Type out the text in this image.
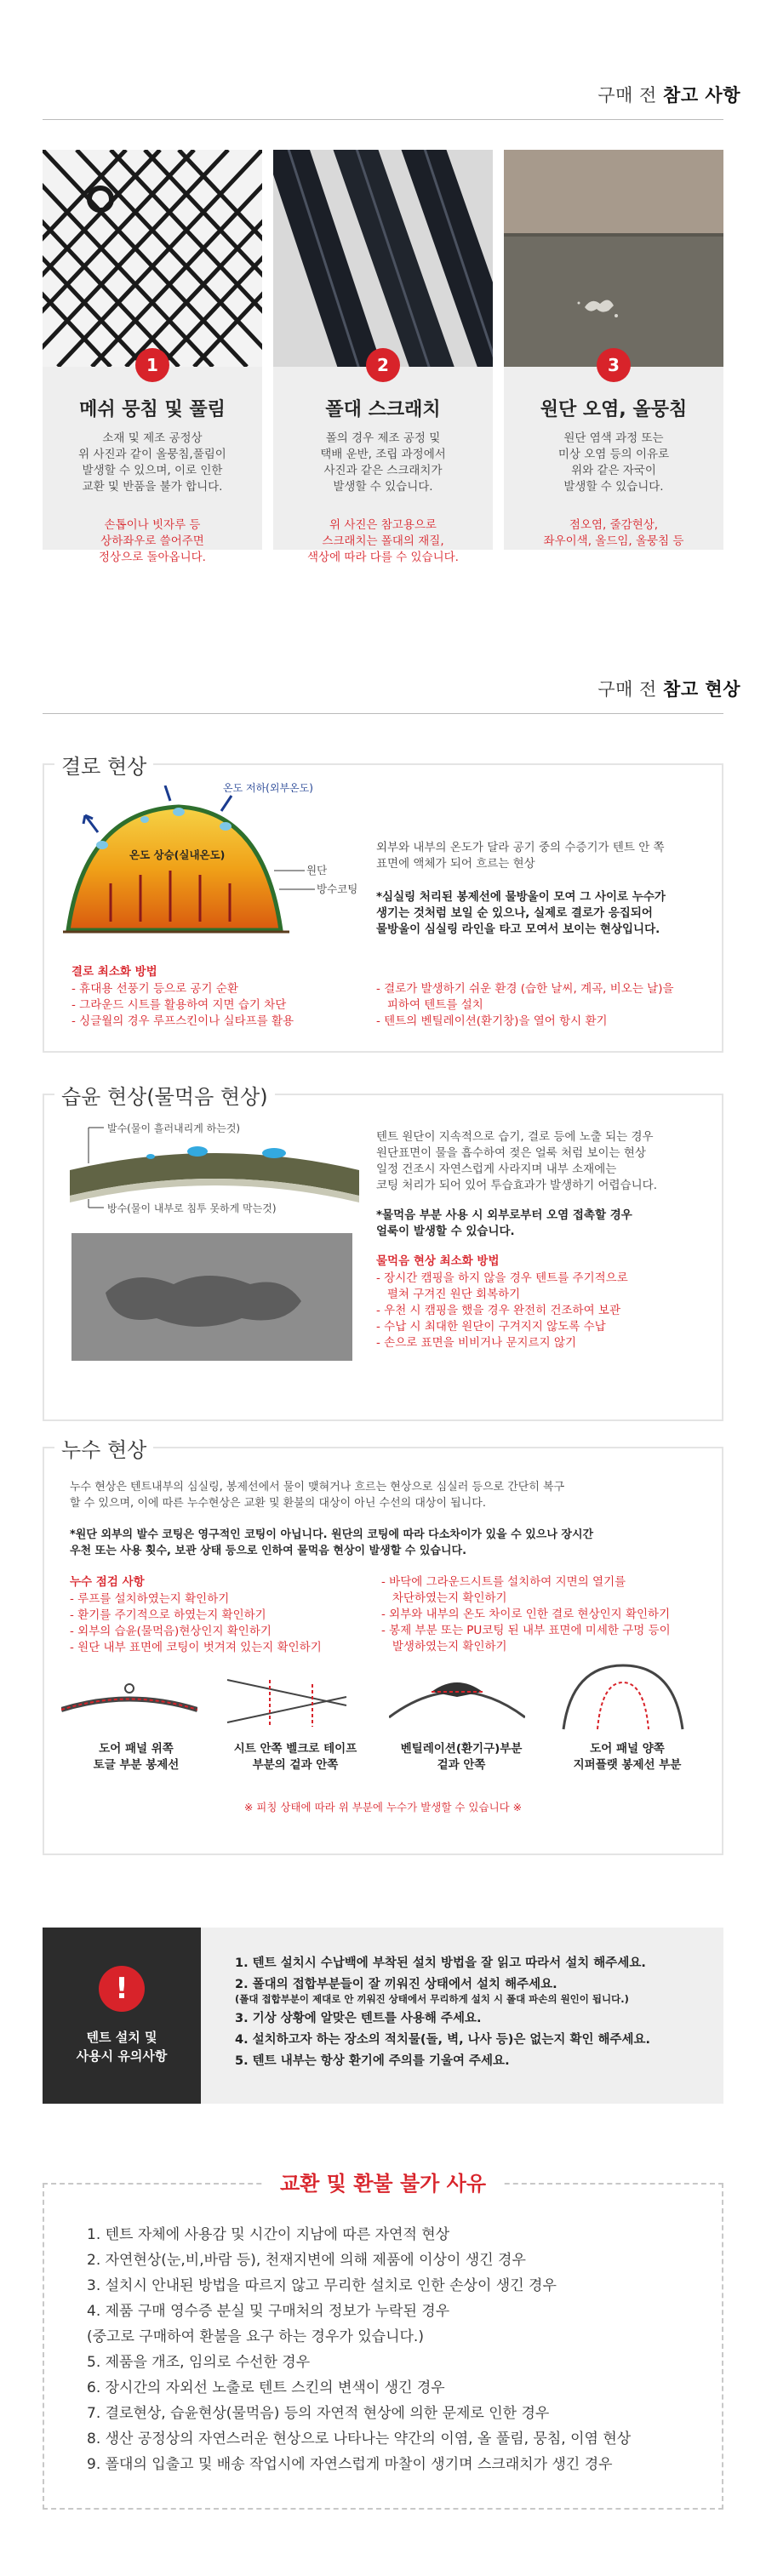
구매 전 참고 사항
1
메쉬 뭉침 및 풀림
소재 및 제조 공정상
위 사진과 같이 올뭉침,풀림이
발생할 수 있으며, 이로 인한
교환 및 반품을 불가 합니다.
손톱이나 빗자루 등
상하좌우로 쓸어주면
정상으로 돌아옵니다.
2
폴대 스크래치
폴의 경우 제조 공정 및
택배 운반, 조립 과정에서
사진과 같은 스크래치가
발생할 수 있습니다.
위 사진은 참고용으로
스크래치는 폴대의 재질,
색상에 따라 다를 수 있습니다.
3
원단 오염, 올뭉침
원단 염색 과정 또는
미상 오염 등의 이유로
위와 같은 자국이
발생할 수 있습니다.
점오염, 줄감현상,
좌우이색, 올드임, 올뭉침 등
구매 전 참고 현상
결로 현상
온도 저하(외부온도)
온도 상승(실내온도)
원단
방수코팅
외부와 내부의 온도가 달라 공기 중의 수증기가 텐트 안 쪽
표면에 액체가 되어 흐르는 현상
*심실링 처리된 봉제선에 물방울이 모여 그 사이로 누수가
생기는 것처럼 보일 순 있으나, 실제로 결로가 응집되어
물방울이 심실링 라인을 타고 모여서 보이는 현상입니다.
결로 최소화 방법
- 휴대용 선풍기 등으로 공기 순환
- 그라운드 시트를 활용하여 지면 습기 차단
- 싱글월의 경우 루프스킨이나 실타프를 활용
- 결로가 발생하기 쉬운 환경 (습한 날씨, 계곡, 비오는 날)을
피하여 텐트를 설치
- 텐트의 벤틸레이션(환기창)을 열어 항시 환기
습윤 현상(물먹음 현상)
발수(물이 흘러내리게 하는것)
방수(물이 내부로 침투 못하게 막는것)
텐트 원단이 지속적으로 습기, 결로 등에 노출 되는 경우
원단표면이 물을 흡수하여 젖은 얼룩 처럼 보이는 현상
일정 건조시 자연스럽게 사라지며 내부 소재에는
코팅 처리가 되어 있어 투습효과가 발생하기 어렵습니다.
*물먹음 부분 사용 시 외부로부터 오염 접촉할 경우
얼룩이 발생할 수 있습니다.
물먹음 현상 최소화 방법
- 장시간 캠핑을 하지 않을 경우 텐트를 주기적으로
펼쳐 구겨진 원단 회복하기
- 우천 시 캠핑을 했을 경우 완전히 건조하여 보관
- 수납 시 최대한 원단이 구겨지지 않도록 수납
- 손으로 표면을 비비거나 문지르지 않기
누수 현상
누수 현상은 텐트내부의 심실링, 봉제선에서 물이 맺혀거나 흐르는 현상으로 심실러 등으로 간단히 복구
할 수 있으며, 이에 따른 누수현상은 교환 및 환불의 대상이 아닌 수선의 대상이 됩니다.
*원단 외부의 발수 코팅은 영구적인 코팅이 아닙니다. 원단의 코팅에 따라 다소차이가 있을 수 있으나 장시간
우천 또는 사용 횟수, 보관 상태 등으로 인하여 물먹음 현상이 발생할 수 있습니다.
누수 점검 사항
- 루프를 설치하였는지 확인하기
- 환기를 주기적으로 하였는지 확인하기
- 외부의 습윤(물먹음)현상인지 확인하기
- 원단 내부 표면에 코팅이 벗겨져 있는지 확인하기
- 바닥에 그라운드시트를 설치하여 지면의 열기를
차단하였는지 확인하기
- 외부와 내부의 온도 차이로 인한 결로 현상인지 확인하기
- 봉제 부분 또는 PU코팅 된 내부 표면에 미세한 구멍 등이
발생하였는지 확인하기
도어 패널 위쪽
토글 부분 봉제선
시트 안쪽 벨크로 테이프
부분의 겉과 안쪽
벤틸레이션(환기구)부분
겉과 안쪽
도어 패널 양쪽
지퍼플랫 봉제선 부분
※ 피칭 상태에 따라 위 부분에 누수가 발생할 수 있습니다 ※
!
텐트 설치 및
사용시 유의사항
1. 텐트 설치시 수납백에 부착된 설치 방법을 잘 읽고 따라서 설치 해주세요.
2. 폴대의 접합부분들이 잘 끼워진 상태에서 설치 해주세요.
(폴대 접합부분이 제대로 안 끼워진 상태에서 무리하게 설치 시 폴대 파손의 원인이 됩니다.)
3. 기상 상황에 알맞은 텐트를 사용해 주세요.
4. 설치하고자 하는 장소의 적치물(돌, 벽, 나사 등)은 없는지 확인 해주세요.
5. 텐트 내부는 항상 환기에 주의를 기울여 주세요.
1. 텐트 자체에 사용감 및 시간이 지남에 따른 자연적 현상
2. 자연현상(눈,비,바람 등), 천재지변에 의해 제품에 이상이 생긴 경우
3. 설치시 안내된 방법을 따르지 않고 무리한 설치로 인한 손상이 생긴 경우
4. 제품 구매 영수증 분실 및 구매처의 정보가 누락된 경우
(중고로 구매하여 환불을 요구 하는 경우가 있습니다.)
5. 제품을 개조, 임의로 수선한 경우
6. 장시간의 자외선 노출로 텐트 스킨의 변색이 생긴 경우
7. 결로현상, 습윤현상(물먹음) 등의 자연적 현상에 의한 문제로 인한 경우
8. 생산 공정상의 자연스러운 현상으로 나타나는 약간의 이염, 올 풀림, 뭉침, 이염 현상
9. 폴대의 입출고 및 배송 작업시에 자연스럽게 마찰이 생기며 스크래치가 생긴 경우
교환 및 환불 불가 사유
